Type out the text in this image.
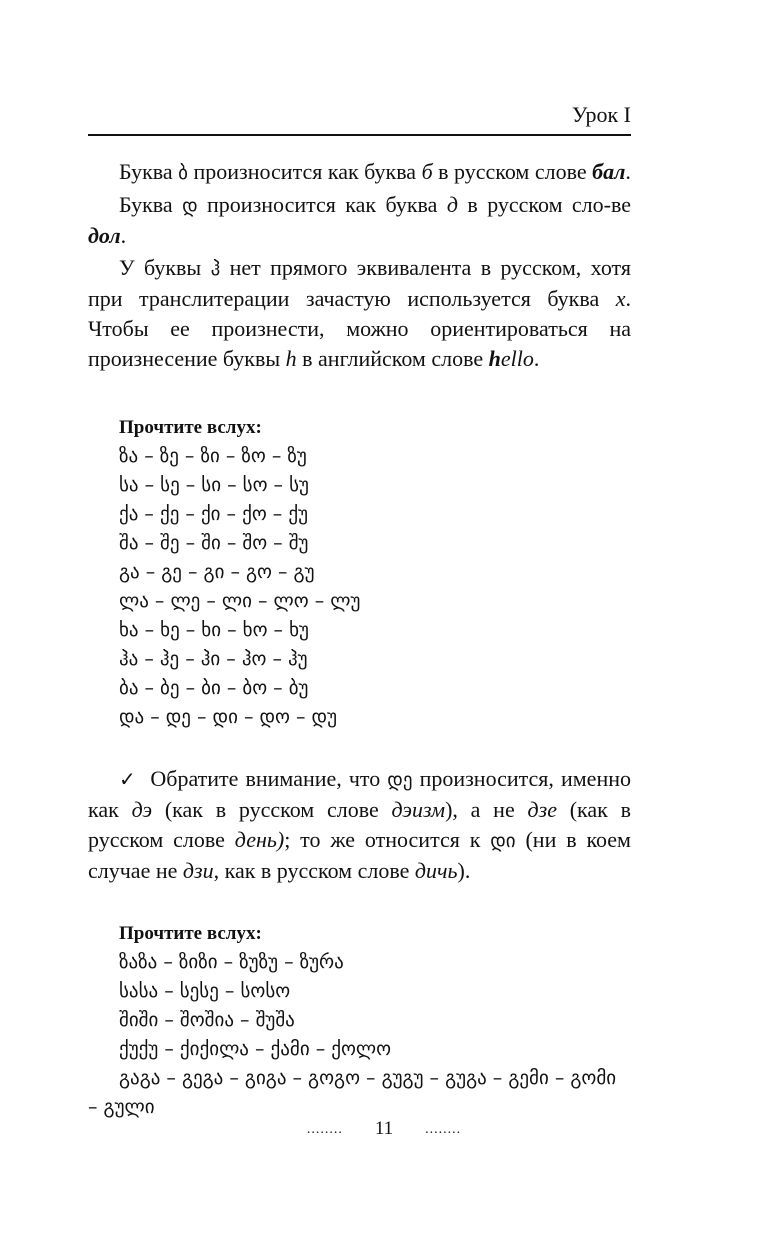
Урок I

Буква ბ произносится как буква б в русском слове бал.

Буква დ произносится как буква д в русском сло-ве дол.

У буквы ჰ нет прямого эквивалента в русском, хотя при транслитерации зачастую используется буква х. Чтобы ее произнести, можно ориентироваться на произнесение буквы h в английском слове hello.

Прочтите вслух:
ზა – ზე – ზი – ზო – ზუ
სა – სე – სი – სო – სუ
ქა – ქე – ქი – ქო – ქუ
შა – შე – ში – შო – შუ
გა – გე – გი – გო – გუ
ლა – ლე – ლი – ლო – ლუ
ხა – ხე – ხი – ხო – ხუ
ჰა – ჰე – ჰი – ჰო – ჰუ
ბა – ბე – ბი – ბო – ბუ
და – დე – დი – დო – დუ

✓ Обратите внимание, что დე произносится, именно как дэ (как в русском слове дэизм), а не дзе (как в русском слове день); то же относится к დი (ни в коем случае не дзи, как в русском слове дичь).

Прочтите вслух:
ზაზა – ზიზი – ზუზუ – ზურა
სასა – სესე – სოსო
შიში – შოშია – შუშა
ქუქუ – ქიქილა – ქამი – ქოლო
გაგა – გეგა – გიგა – გოგო – გუგუ – გუგა – გემი – გომი – გული
........ 11 ........
